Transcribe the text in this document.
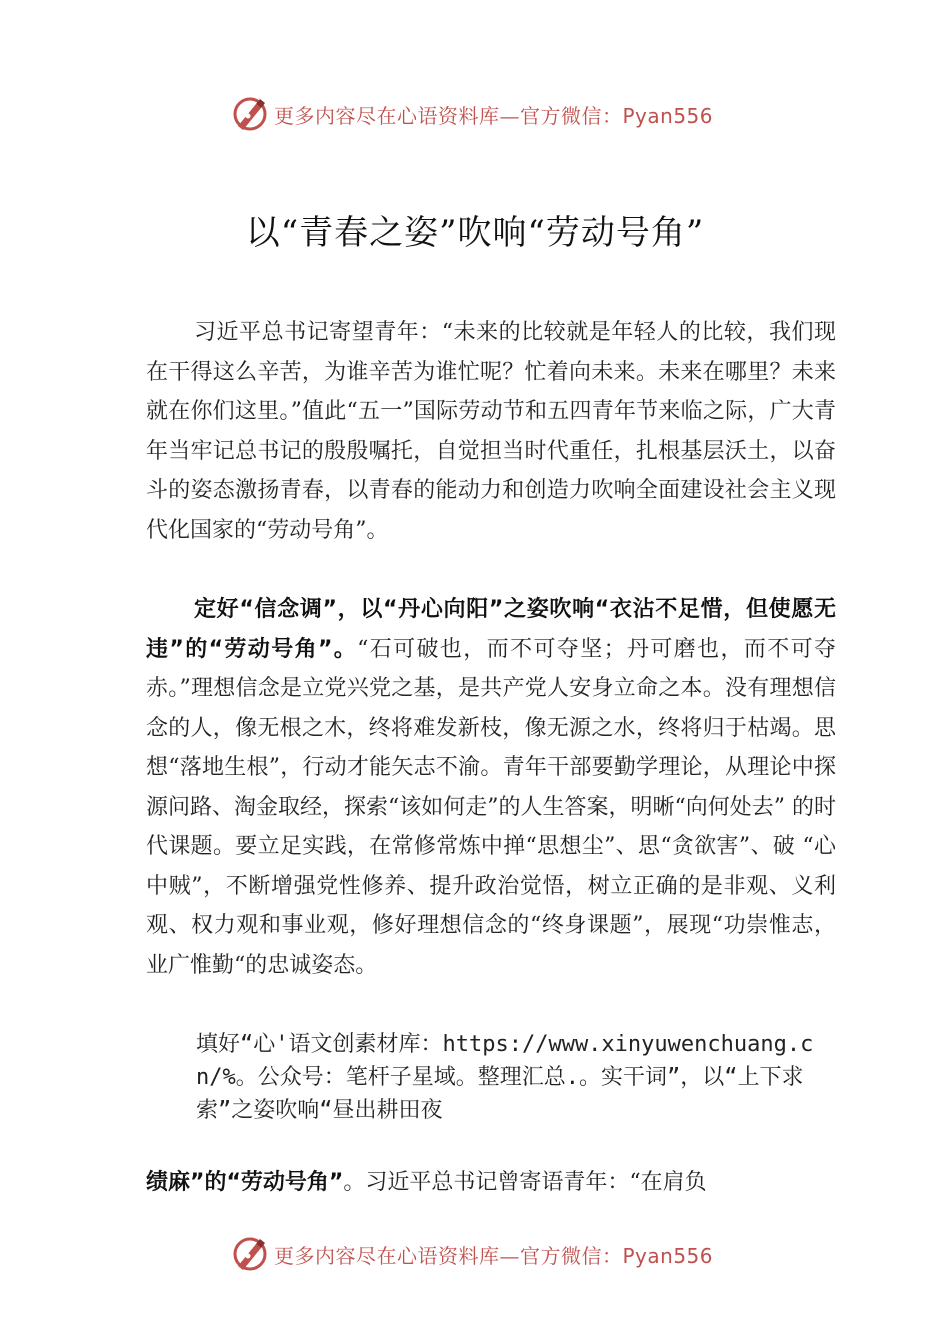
更多内容尽在心语资料库—官方微信：Pyan556
以“青春之姿”吹响“劳动号角”

习近平总书记寄望青年：“未来的比较就是年轻人的比较，我们现在干得这么辛苦，为谁辛苦为谁忙呢？忙着向未来。未来在哪里？未来就在你们这里。”值此“五一”国际劳动节和五四青年节来临之际，广大青年当牢记总书记的殷殷嘱托，自觉担当时代重任，扎根基层沃土，以奋斗的姿态激扬青春，以青春的能动力和创造力吹响全面建设社会主义现代化国家的“劳动号角”。

定好“信念调”，以“丹心向阳”之姿吹响“衣沾不足惜，但使愿无违”的“劳动号角”。“石可破也，而不可夺坚；丹可磨也，而不可夺赤。”理想信念是立党兴党之基，是共产党人安身立命之本。没有理想信念的人，像无根之木，终将难发新枝，像无源之水，终将归于枯竭。思想“落地生根”，行动才能矢志不渝。青年干部要勤学理论，从理论中探源问路、淘金取经，探索“该如何走”的人生答案，明晰“向何处去” 的时代课题。要立足实践，在常修常炼中掸“思想尘”、思“贪欲害”、破 “心中贼”，不断增强党性修养、提升政治觉悟，树立正确的是非观、义利观、权力观和事业观，修好理想信念的“终身课题”，展现“功崇惟志，业广惟勤“的忠诚姿态。

填好“心'语文创素材库：https://www.xinyuwenchuang.cn/%。公众号：笔杆子星域。整理汇总.。实干词”，以“上下求索”之姿吹响“昼出耕田夜

绩麻”的“劳动号角”。习近平总书记曾寄语青年：“在肩负

更多内容尽在心语资料库—官方微信：Pyan556
